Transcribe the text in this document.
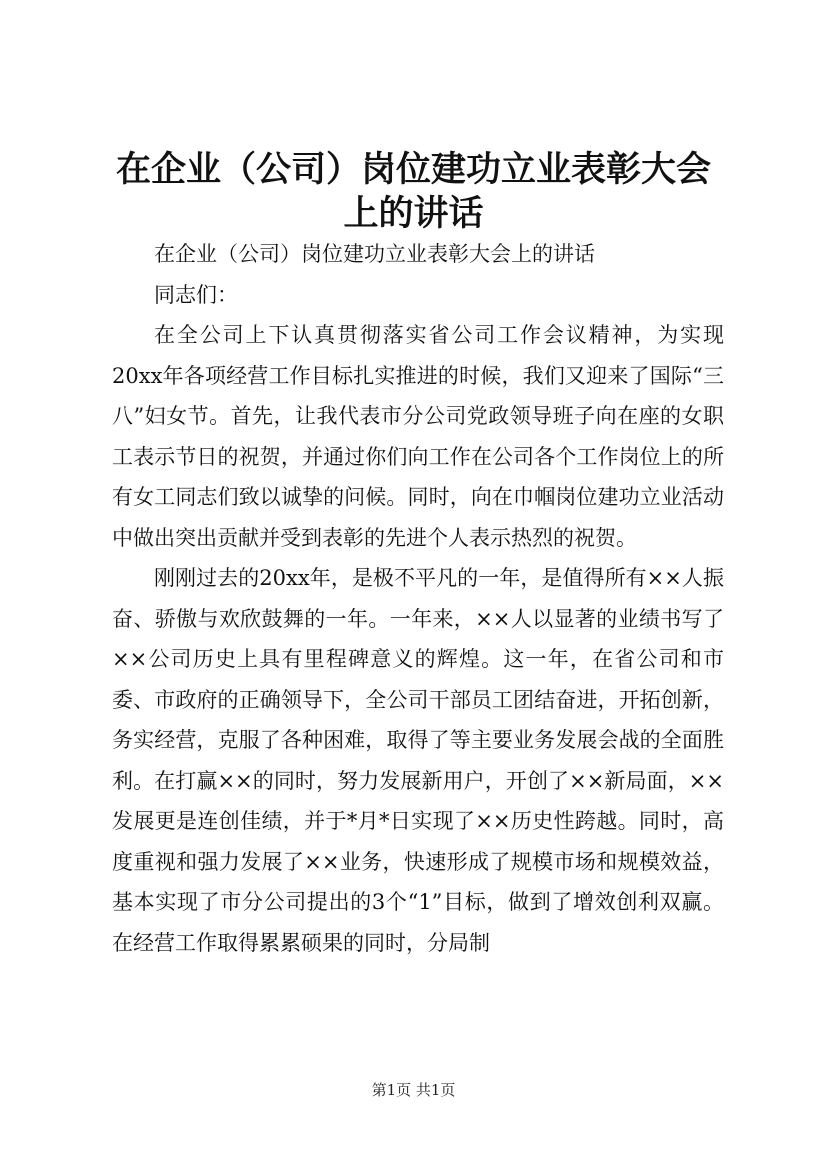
在企业（公司）岗位建功立业表彰大会上的讲话

在企业（公司）岗位建功立业表彰大会上的讲话

同志们：

在全公司上下认真贯彻落实省公司工作会议精神，为实现20xx年各项经营工作目标扎实推进的时候，我们又迎来了国际“三八”妇女节。首先，让我代表市分公司党政领导班子向在座的女职工表示节日的祝贺，并通过你们向工作在公司各个工作岗位上的所有女工同志们致以诚挚的问候。同时，向在巾帼岗位建功立业活动中做出突出贡献并受到表彰的先进个人表示热烈的祝贺。

刚刚过去的20xx年，是极不平凡的一年，是值得所有××人振奋、骄傲与欢欣鼓舞的一年。一年来，××人以显著的业绩书写了××公司历史上具有里程碑意义的辉煌。这一年，在省公司和市委、市政府的正确领导下，全公司干部员工团结奋进，开拓创新，务实经营，克服了各种困难，取得了等主要业务发展会战的全面胜利。在打赢××的同时，努力发展新用户，开创了××新局面，××发展更是连创佳绩，并于*月*日实现了××历史性跨越。同时，高度重视和强力发展了××业务，快速形成了规模市场和规模效益，基本实现了市分公司提出的3个“1”目标，做到了增效创利双赢。在经营工作取得累累硕果的同时，分局制

第1页 共1页
